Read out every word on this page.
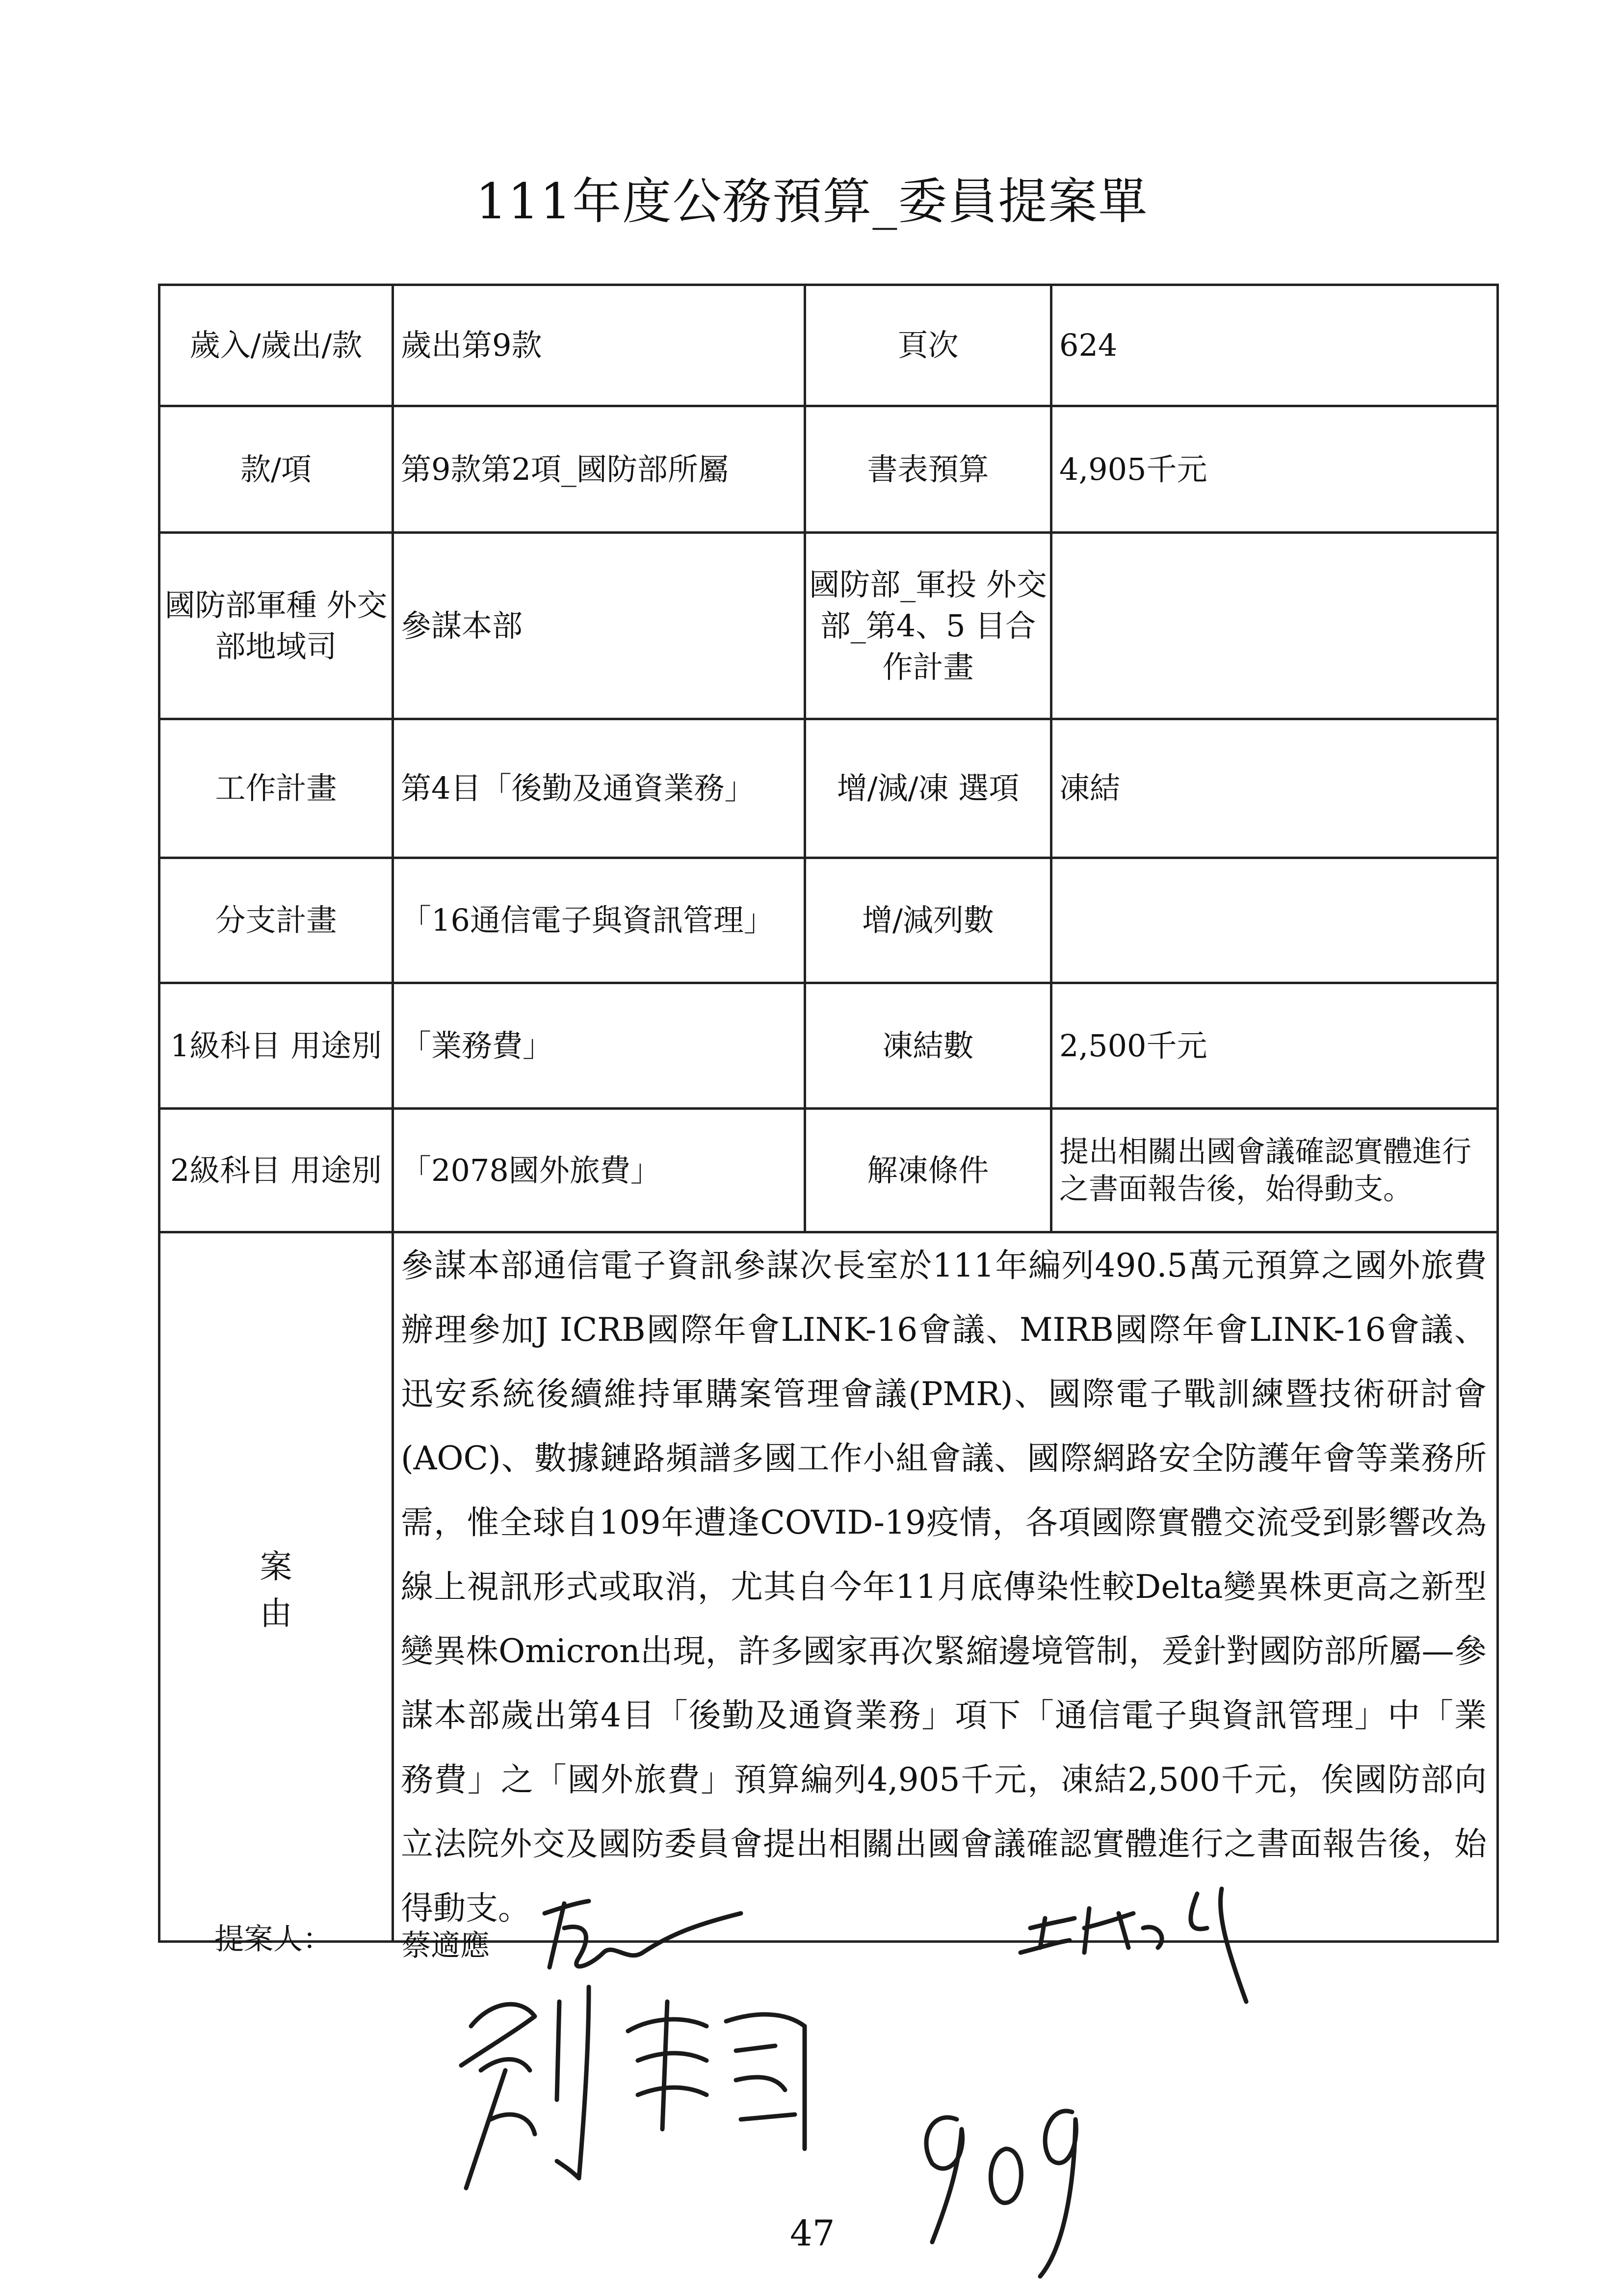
111年度公務預算_委員提案單
歲入/歲出/款	歲出第9款	頁次	624
款/項	第9款第2項_國防部所屬	書表預算	4,905千元
國防部軍種 外交部地域司	參謀本部	國防部_軍投 外交部_第4、5 目合作計畫	
工作計畫	第4目「後勤及通資業務」	增/減/凍 選項	凍結
分支計畫	「16通信電子與資訊管理」	增/減列數	
1級科目 用途別	「業務費」	凍結數	2,500千元
2級科目 用途別	「2078國外旅費」	解凍條件	提出相關出國會議確認實體進行之書面報告後，始得動支。
案由	參謀本部通信電子資訊參謀次長室於111年編列490.5萬元預算之國外旅費辦理參加J ICRB國際年會LINK-16會議、MIRB國際年會LINK-16會議、迅安系統後續維持軍購案管理會議(PMR)、國際電子戰訓練暨技術研討會(AOC)、數據鏈路頻譜多國工作小組會議、國際網路安全防護年會等業務所需，惟全球自109年遭逢COVID-19疫情，各項國際實體交流受到影響改為線上視訊形式或取消，尤其自今年11月底傳染性較Delta變異株更高之新型變異株Omicron出現，許多國家再次緊縮邊境管制，爰針對國防部所屬—參謀本部歲出第4目「後勤及通資業務」項下「通信電子與資訊管理」中「業務費」之「國外旅費」預算編列4,905千元，凍結2,500千元，俟國防部向立法院外交及國防委員會提出相關出國會議確認實體進行之書面報告後，始得動支。		
提案人： 蔡適應
47
